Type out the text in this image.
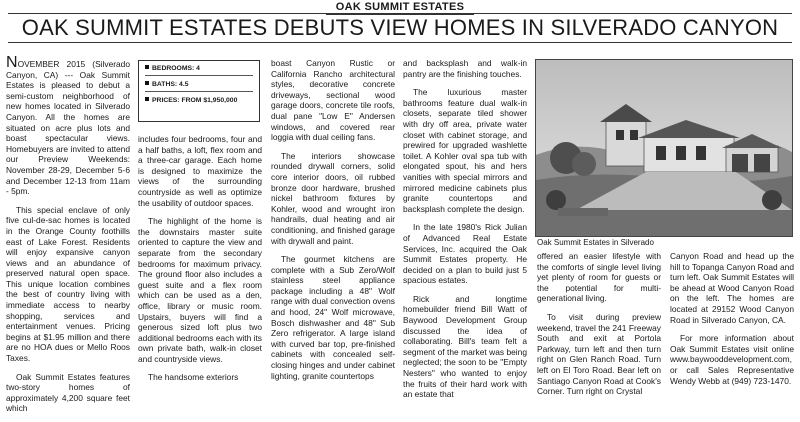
OAK SUMMIT ESTATES
OAK SUMMIT ESTATES DEBUTS VIEW HOMES IN SILVERADO CANYON

NOVEMBER 2015 (Silverado Canyon, CA) --- Oak Summit Estates is pleased to debut a semi-custom neighborhood of new homes located in Silverado Canyon. All the homes are situated on acre plus lots and boast spectacular views. Homebuyers are invited to attend our Preview Weekends: November 28-29, December 5-6 and December 12-13 from 11am - 5pm.

This special enclave of only five cul-de-sac homes is located in the Orange County foothills east of Lake Forest. Residents will enjoy expansive canyon views and an abundance of preserved natural open space. This unique location combines the best of country living with immediate access to nearby shopping, services and entertainment venues. Pricing begins at $1.95 million and there are no HOA dues or Mello Roos Taxes.

Oak Summit Estates features two-story homes of approximately 4,200 square feet which

BEDROOMS: 4
BATHS: 4.5
PRICES: FROM $1,950,000

includes four bedrooms, four and a half baths, a loft, flex room and a three-car garage. Each home is designed to maximize the views of the surrounding countryside as well as optimize the usability of outdoor spaces.

The highlight of the home is the downstairs master suite oriented to capture the view and separate from the secondary bedrooms for maximum privacy. The ground floor also includes a guest suite and a flex room which can be used as a den, office, library or music room. Upstairs, buyers will find a generous sized loft plus two additional bedrooms each with its own private bath, walk-in closet and countryside views.

The handsome exteriors

boast Canyon Rustic or California Rancho architectural styles, decorative concrete driveways, sectional wood garage doors, concrete tile roofs, dual pane "Low E" Andersen windows, and covered rear loggia with dual ceiling fans.

The interiors showcase rounded drywall corners, solid core interior doors, oil rubbed bronze door hardware, brushed nickel bathroom fixtures by Kohler, wood and wrought iron handrails, dual heating and air conditioning, and finished garage with drywall and paint.

The gourmet kitchens are complete with a Sub Zero/Wolf stainless steel appliance package including a 48" Wolf range with dual convection ovens and hood, 24" Wolf microwave, Bosch dishwasher and 48" Sub Zero refrigerator. A large island with curved bar top, pre-finished cabinets with concealed self-closing hinges and under cabinet lighting, granite countertops

and backsplash and walk-in pantry are the finishing touches.

The luxurious master bathrooms feature dual walk-in closets, separate tiled shower with dry off area, private water closet with cabinet storage, and prewired for upgraded washlette toilet. A Kohler oval spa tub with elongated spout, his and hers vanities with special mirrors and mirrored medicine cabinets plus granite countertops and backsplash complete the design.

In the late 1980's Rick Julian of Advanced Real Estate Services, Inc. acquired the Oak Summit Estates property. He decided on a plan to build just 5 spacious estates.

Rick and longtime homebuilder friend Bill Watt of Baywood Development Group discussed the idea of collaborating. Bill's team felt a segment of the market was being neglected; the soon to be "Empty Nesters" who wanted to enjoy the fruits of their hard work with an estate that

Oak Summit Estates in Silverado

offered an easier lifestyle with the comforts of single level living yet plenty of room for guests or the potential for multi-generational living.

To visit during preview weekend, travel the 241 Freeway South and exit at Portola Parkway, turn left and then turn right on Glen Ranch Road. Turn left on El Toro Road. Bear left on Santiago Canyon Road at Cook's Corner. Turn right on Crystal

Canyon Road and head up the hill to Topanga Canyon Road and turn left. Oak Summit Estates will be ahead at Wood Canyon Road on the left. The homes are located at 29152 Wood Canyon Road in Silverado Canyon, CA.

For more information about Oak Summit Estates visit online www.baywooddevelopment.com, or call Sales Representative Wendy Webb at (949) 723-1470.
